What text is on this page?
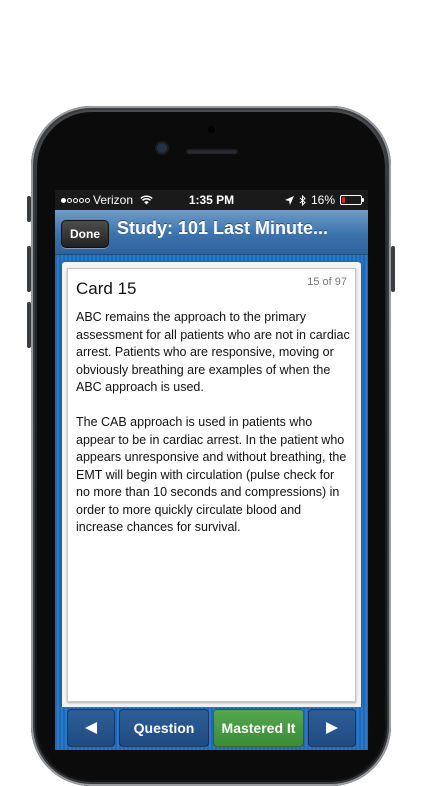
Verizon	1:35 PM	16%
Done Study: 101 Last Minute...
Card 15	15 of 97

ABC remains the approach to the primary assessment for all patients who are not in cardiac arrest. Patients who are responsive, moving or obviously breathing are examples of when the ABC approach is used.

The CAB approach is used in patients who appear to be in cardiac arrest. In the patient who appears unresponsive and without breathing, the EMT will begin with circulation (pulse check for no more than 10 seconds and compressions) in order to more quickly circulate blood and increase chances for survival.

Question	Mastered It
